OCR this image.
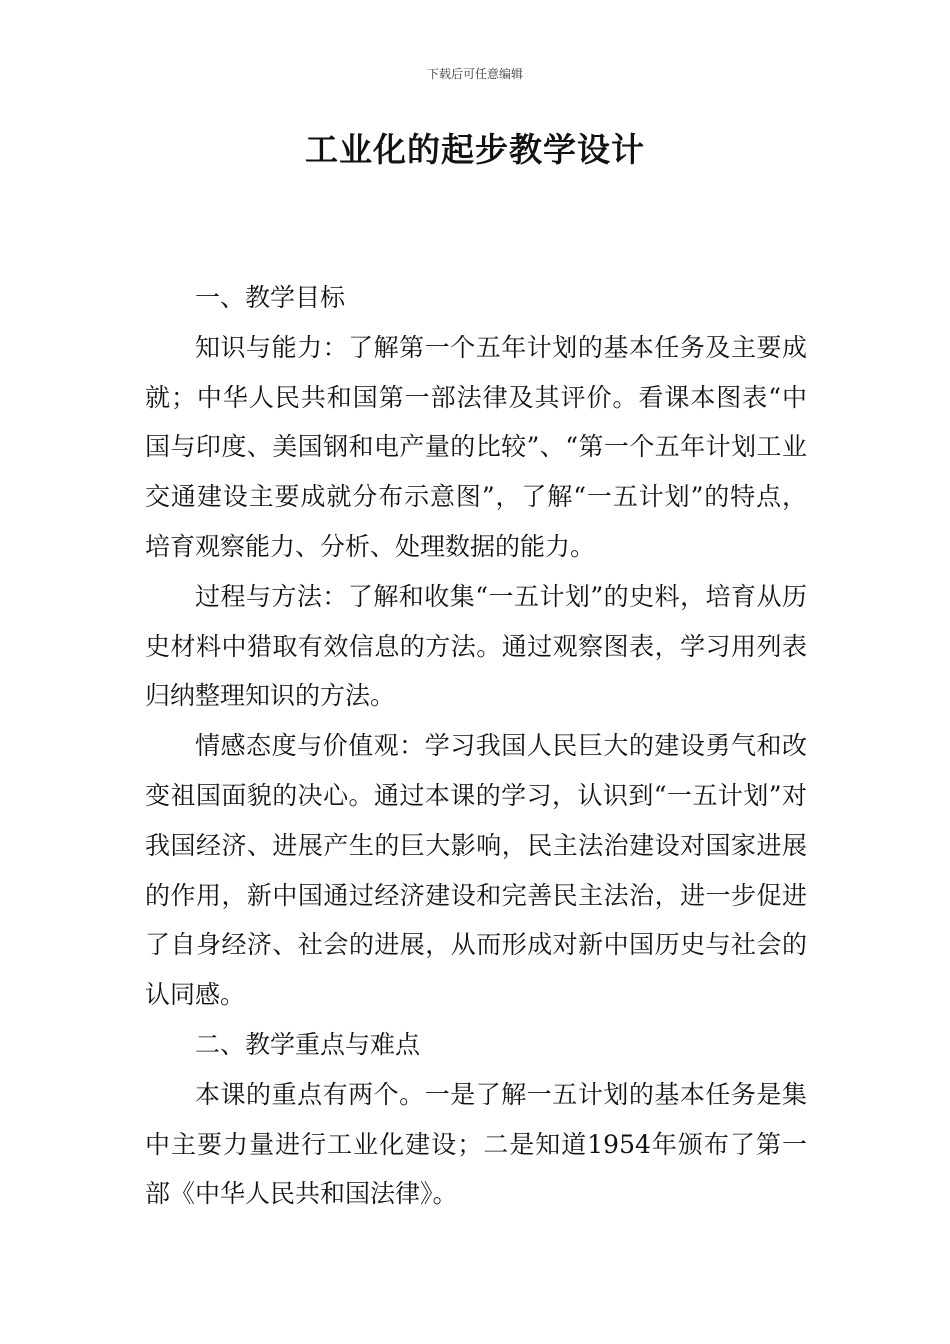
下载后可任意编辑
工业化的起步教学设计

一、教学目标

知识与能力：了解第一个五年计划的基本任务及主要成就；中华人民共和国第一部法律及其评价。看课本图表“中国与印度、美国钢和电产量的比较”、“第一个五年计划工业交通建设主要成就分布示意图”，了解“一五计划”的特点，培育观察能力、分析、处理数据的能力。

过程与方法：了解和收集“一五计划”的史料，培育从历史材料中猎取有效信息的方法。通过观察图表，学习用列表归纳整理知识的方法。

情感态度与价值观：学习我国人民巨大的建设勇气和改变祖国面貌的决心。通过本课的学习，认识到“一五计划”对我国经济、进展产生的巨大影响，民主法治建设对国家进展的作用，新中国通过经济建设和完善民主法治，进一步促进了自身经济、社会的进展，从而形成对新中国历史与社会的认同感。

二、教学重点与难点

本课的重点有两个。一是了解一五计划的基本任务是集中主要力量进行工业化建设；二是知道1954年颁布了第一部《中华人民共和国法律》。
